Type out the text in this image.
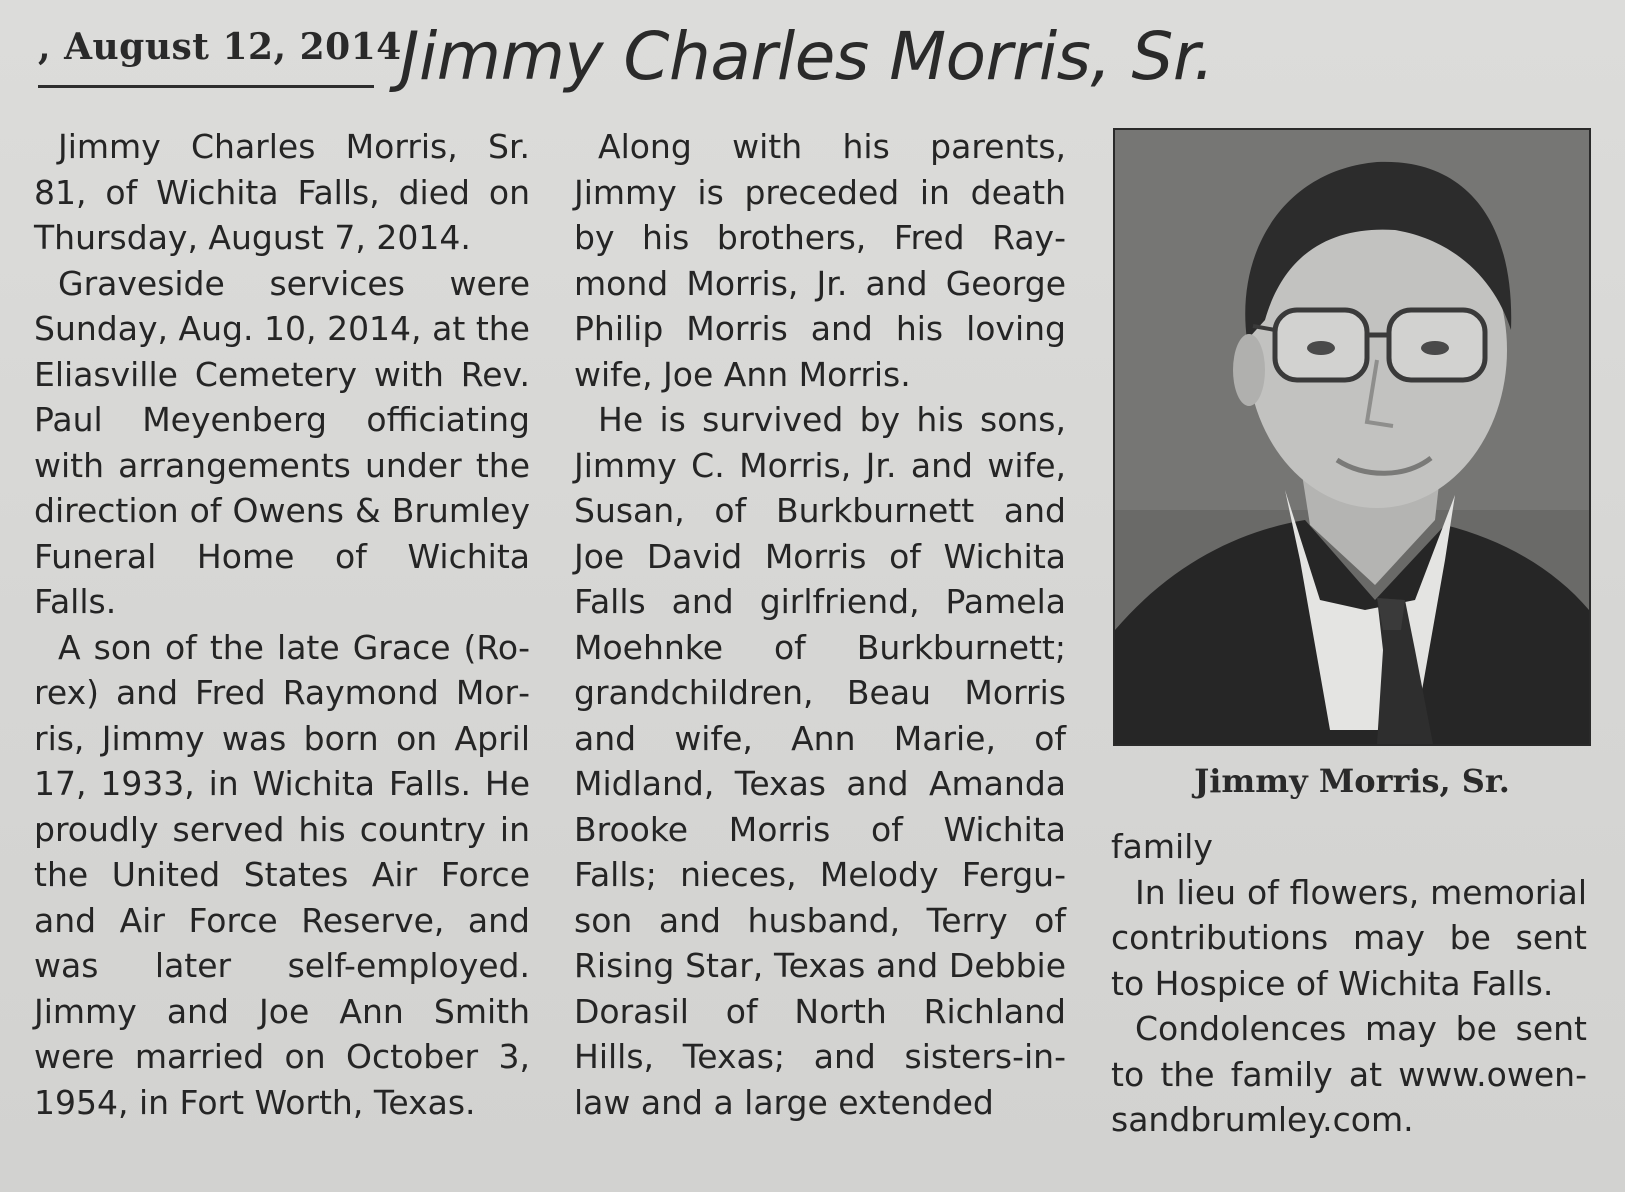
, August 12, 2014
Jimmy Charles Morris, Sr.

Jimmy Charles Morris, Sr. 81, of Wichita Falls, died on Thursday, August 7, 2014.

Graveside services were Sunday, Aug. 10, 2014, at the Eliasville Cemetery with Rev. Paul Meyenberg officiating with arrangements under the direction of Owens & Brumley Funeral Home of Wichita Falls.

A son of the late Grace (Rorex) and Fred Raymond Morris, Jimmy was born on April 17, 1933, in Wichita Falls. He proudly served his country in the United States Air Force and Air Force Reserve, and was later self-employed. Jimmy and Joe Ann Smith were married on October 3, 1954, in Fort Worth, Texas.

Along with his parents, Jimmy is preceded in death by his brothers, Fred Raymond Morris, Jr. and George Philip Morris and his loving wife, Joe Ann Morris.

He is survived by his sons, Jimmy C. Morris, Jr. and wife, Susan, of Burkburnett and Joe David Morris of Wichita Falls and girlfriend, Pamela Moehnke of Burkburnett; grandchildren, Beau Morris and wife, Ann Marie, of Midland, Texas and Amanda Brooke Morris of Wichita Falls; nieces, Melody Ferguson and husband, Terry of Rising Star, Texas and Debbie Dorasil of North Richland Hills, Texas; and sisters-in-law and a large extended

Jimmy Morris, Sr.

family

In lieu of flowers, memorial contributions may be sent to Hospice of Wichita Falls.

Condolences may be sent to the family at www.owensandbrumley.com.
